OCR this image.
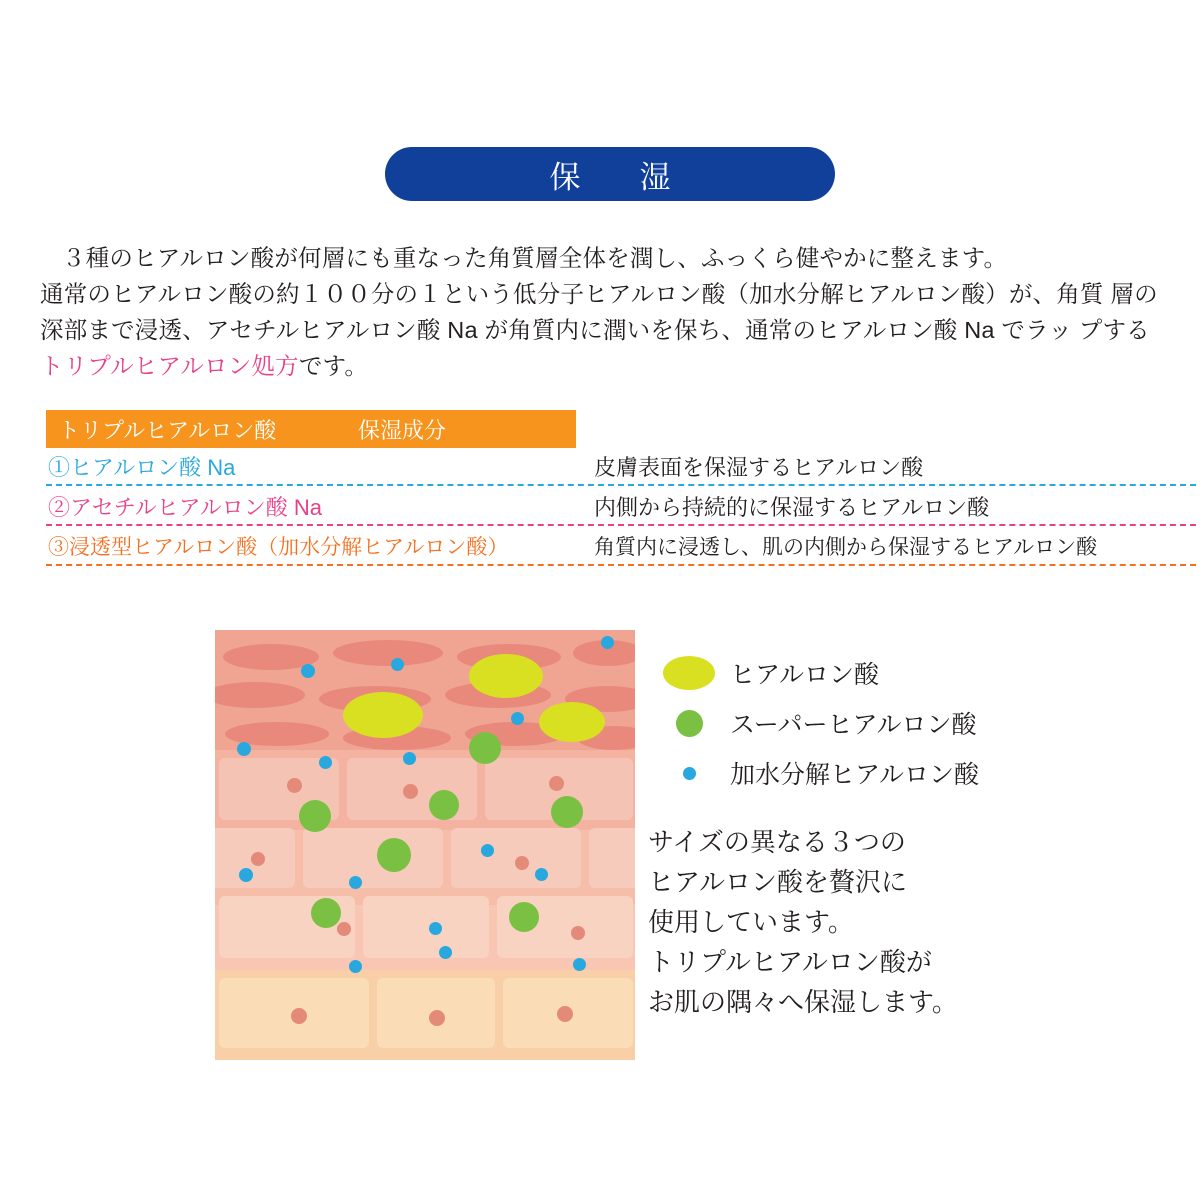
保　湿
３種のヒアルロン酸が何層にも重なった角質層全体を潤し、ふっくら健やかに整えます。
通常のヒアルロン酸の約１００分の１という低分子ヒアルロン酸（加水分解ヒアルロン酸）が、角質 層の深部まで浸透、アセチルヒアルロン酸 Na が角質内に潤いを保ち、通常のヒアルロン酸 Na でラッ プするトリプルヒアルロン処方です。
トリプルヒアルロン酸	保湿成分
①ヒアルロン酸 Na	皮膚表面を保湿するヒアルロン酸
②アセチルヒアルロン酸 Na	内側から持続的に保湿するヒアルロン酸
③浸透型ヒアルロン酸（加水分解ヒアルロン酸）	角質内に浸透し、肌の内側から保湿するヒアルロン酸
ヒアルロン酸
スーパーヒアルロン酸
加水分解ヒアルロン酸
サイズの異なる３つの
ヒアルロン酸を贅沢に
使用しています。
トリプルヒアルロン酸が
お肌の隅々へ保湿します。
